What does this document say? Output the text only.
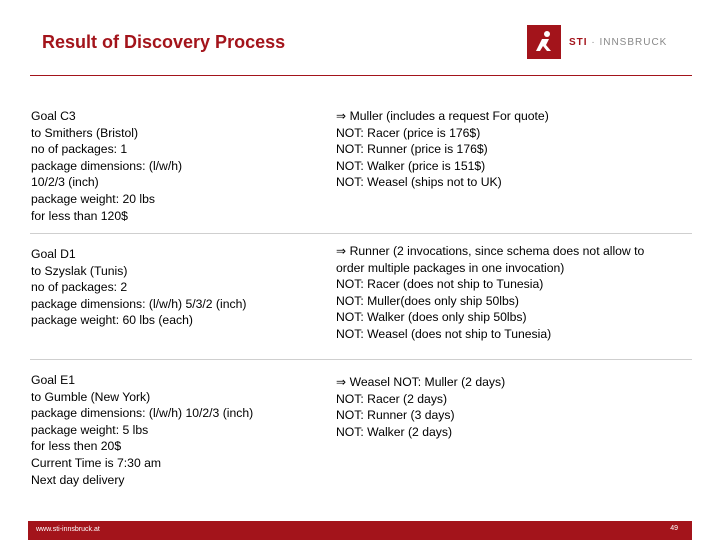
Result of Discovery Process	STI · INNSBRUCK
Goal C3
to Smithers (Bristol)
no of packages: 1
package dimensions: (l/w/h)
10/2/3 (inch)
package weight: 20 lbs
for less than 120$
⇒ Muller (includes a request For quote)
NOT: Racer (price is 176$)
NOT: Runner (price is 176$)
NOT: Walker (price is 151$)
NOT: Weasel (ships not to UK)
Goal D1
to Szyslak (Tunis)
no of packages: 2
package dimensions: (l/w/h) 5/3/2 (inch)
package weight: 60 lbs (each)
⇒ Runner (2 invocations, since schema does not allow to
order multiple packages in one invocation)
NOT: Racer (does not ship to Tunesia)
NOT: Muller(does only ship 50lbs)
NOT: Walker (does only ship 50lbs)
NOT: Weasel (does not ship to Tunesia)
Goal E1
to Gumble (New York)
package dimensions: (l/w/h) 10/2/3 (inch)
package weight: 5 lbs
for less then 20$
Current Time is 7:30 am
Next day delivery
⇒ Weasel NOT: Muller (2 days)
NOT: Racer (2 days)
NOT: Runner (3 days)
NOT: Walker (2 days)
www.sti-innsbruck.at	49
